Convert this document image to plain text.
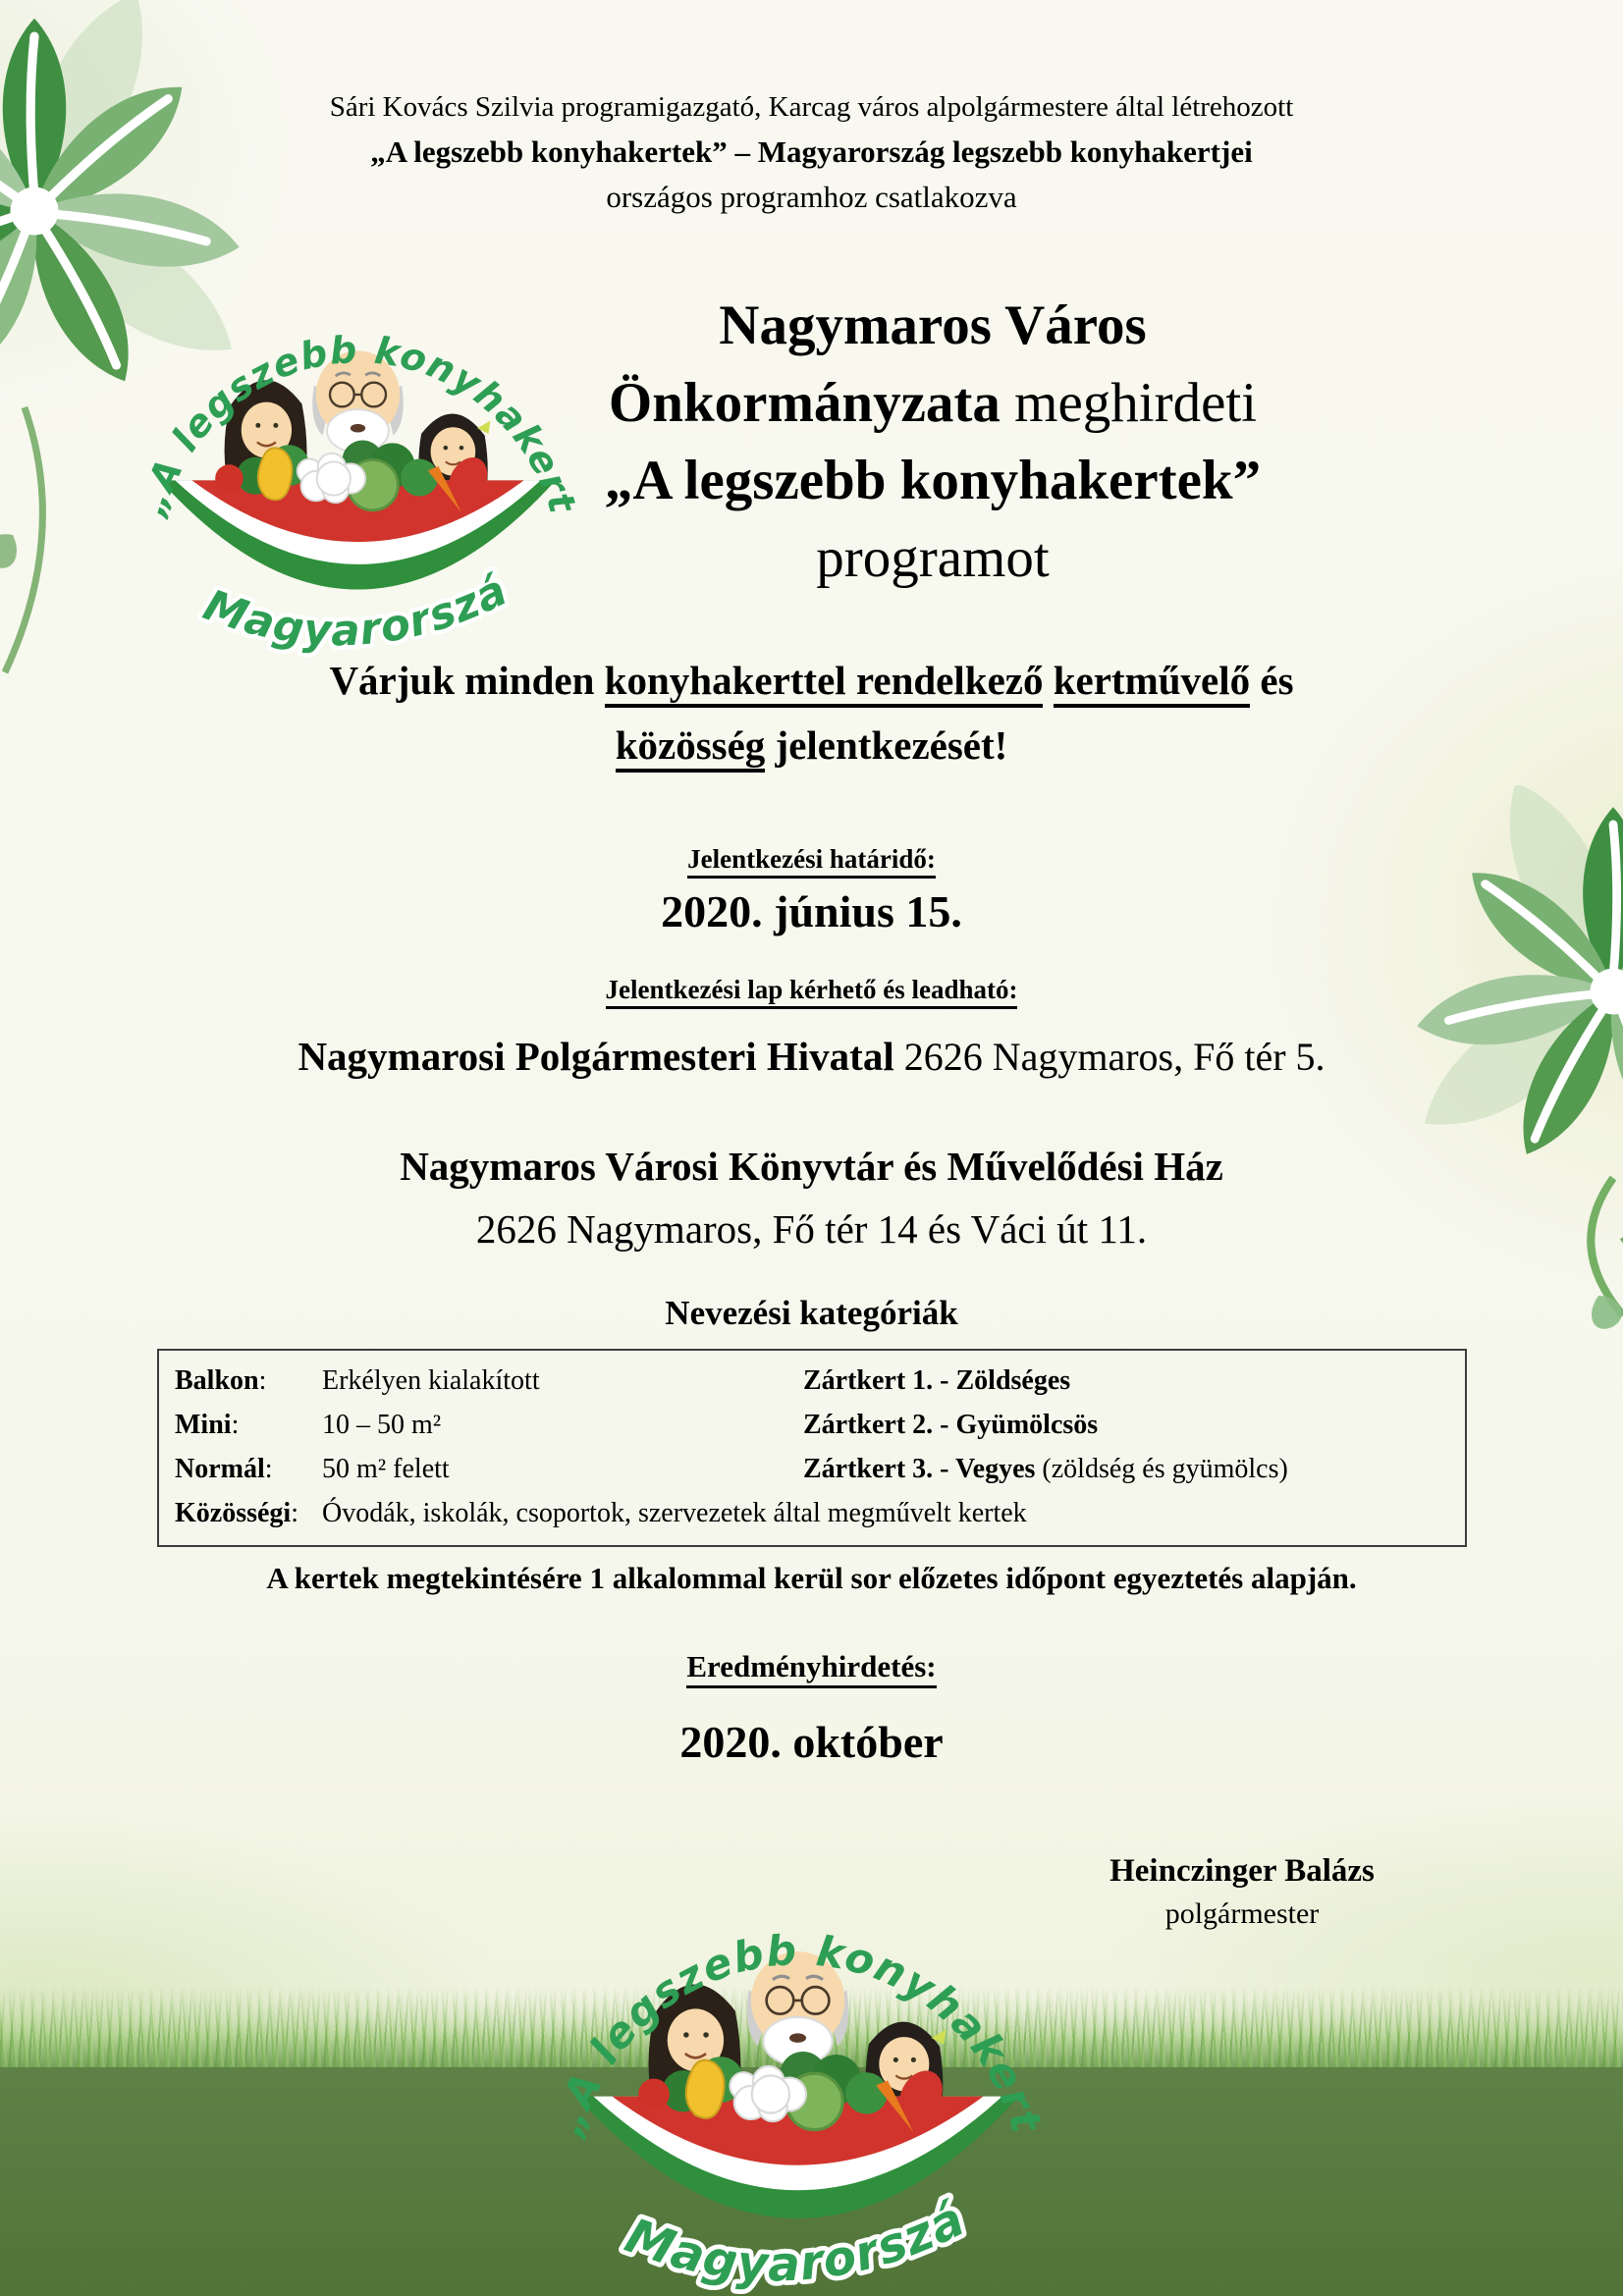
Sári Kovács Szilvia programigazgató, Karcag város alpolgármestere által létrehozott
„A legszebb konyhakertek” – Magyarország legszebb konyhakertjei
országos programhoz csatlakozva
Nagymaros Város
Önkormányzata meghirdeti
„A legszebb konyhakertek”
programot
Várjuk minden konyhakerttel rendelkező kertművelő és
közösség jelentkezését!
Jelentkezési határidő:
2020. június 15.
Jelentkezési lap kérhető és leadható:
Nagymarosi Polgármesteri Hivatal 2626 Nagymaros, Fő tér 5.
Nagymaros Városi Könyvtár és Művelődési Ház
2626 Nagymaros, Fő tér 14 és Váci út 11.
Nevezési kategóriák
Balkon:	Erkélyen kialakított	Zártkert 1. - Zöldséges
Mini:	10 – 50 m²	Zártkert 2. - Gyümölcsös
Normál:	50 m² felett	Zártkert 3. - Vegyes (zöldség és gyümölcs)
Közösségi: Óvodák, iskolák, csoportok, szervezetek által megművelt kertek
A kertek megtekintésére 1 alkalommal kerül sor előzetes időpont egyeztetés alapján.
Eredményhirdetés:
2020. október
Heinczinger Balázs
polgármester
